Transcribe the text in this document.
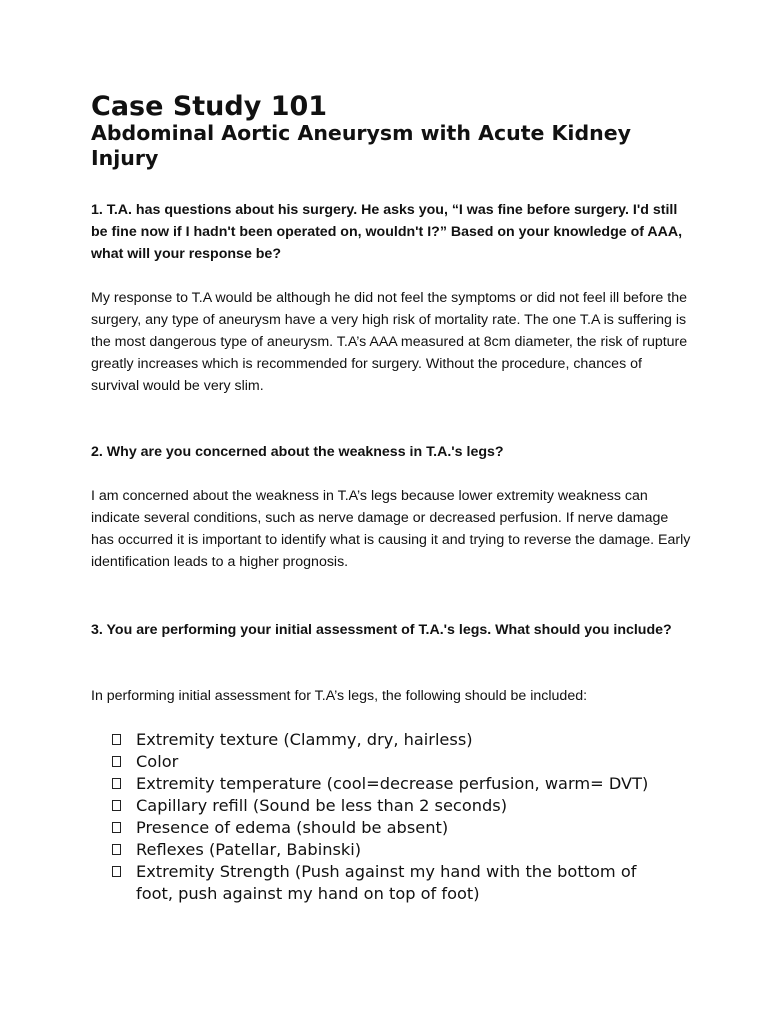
Case Study 101
Abdominal Aortic Aneurysm with Acute Kidney Injury

1. T.A. has questions about his surgery. He asks you, “I was fine before surgery. I'd still be fine now if I hadn't been operated on, wouldn't I?” Based on your knowledge of AAA, what will your response be?

My response to T.A would be although he did not feel the symptoms or did not feel ill before the surgery, any type of aneurysm have a very high risk of mortality rate. The one T.A is suffering is the most dangerous type of aneurysm. T.A’s AAA measured at 8cm diameter, the risk of rupture greatly increases which is recommended for surgery. Without the procedure, chances of survival would be very slim.

2. Why are you concerned about the weakness in T.A.'s legs?

I am concerned about the weakness in T.A’s legs because lower extremity weakness can indicate several conditions, such as nerve damage or decreased perfusion. If nerve damage has occurred it is important to identify what is causing it and trying to reverse the damage. Early identification leads to a higher prognosis.

3. You are performing your initial assessment of T.A.'s legs. What should you include?

In performing initial assessment for T.A’s legs, the following should be included:

Extremity texture (Clammy, dry, hairless)
Color
Extremity temperature (cool=decrease perfusion, warm= DVT)
Capillary refill (Sound be less than 2 seconds)
Presence of edema (should be absent)
Reflexes (Patellar, Babinski)
Extremity Strength (Push against my hand with the bottom of foot, push against my hand on top of foot)
